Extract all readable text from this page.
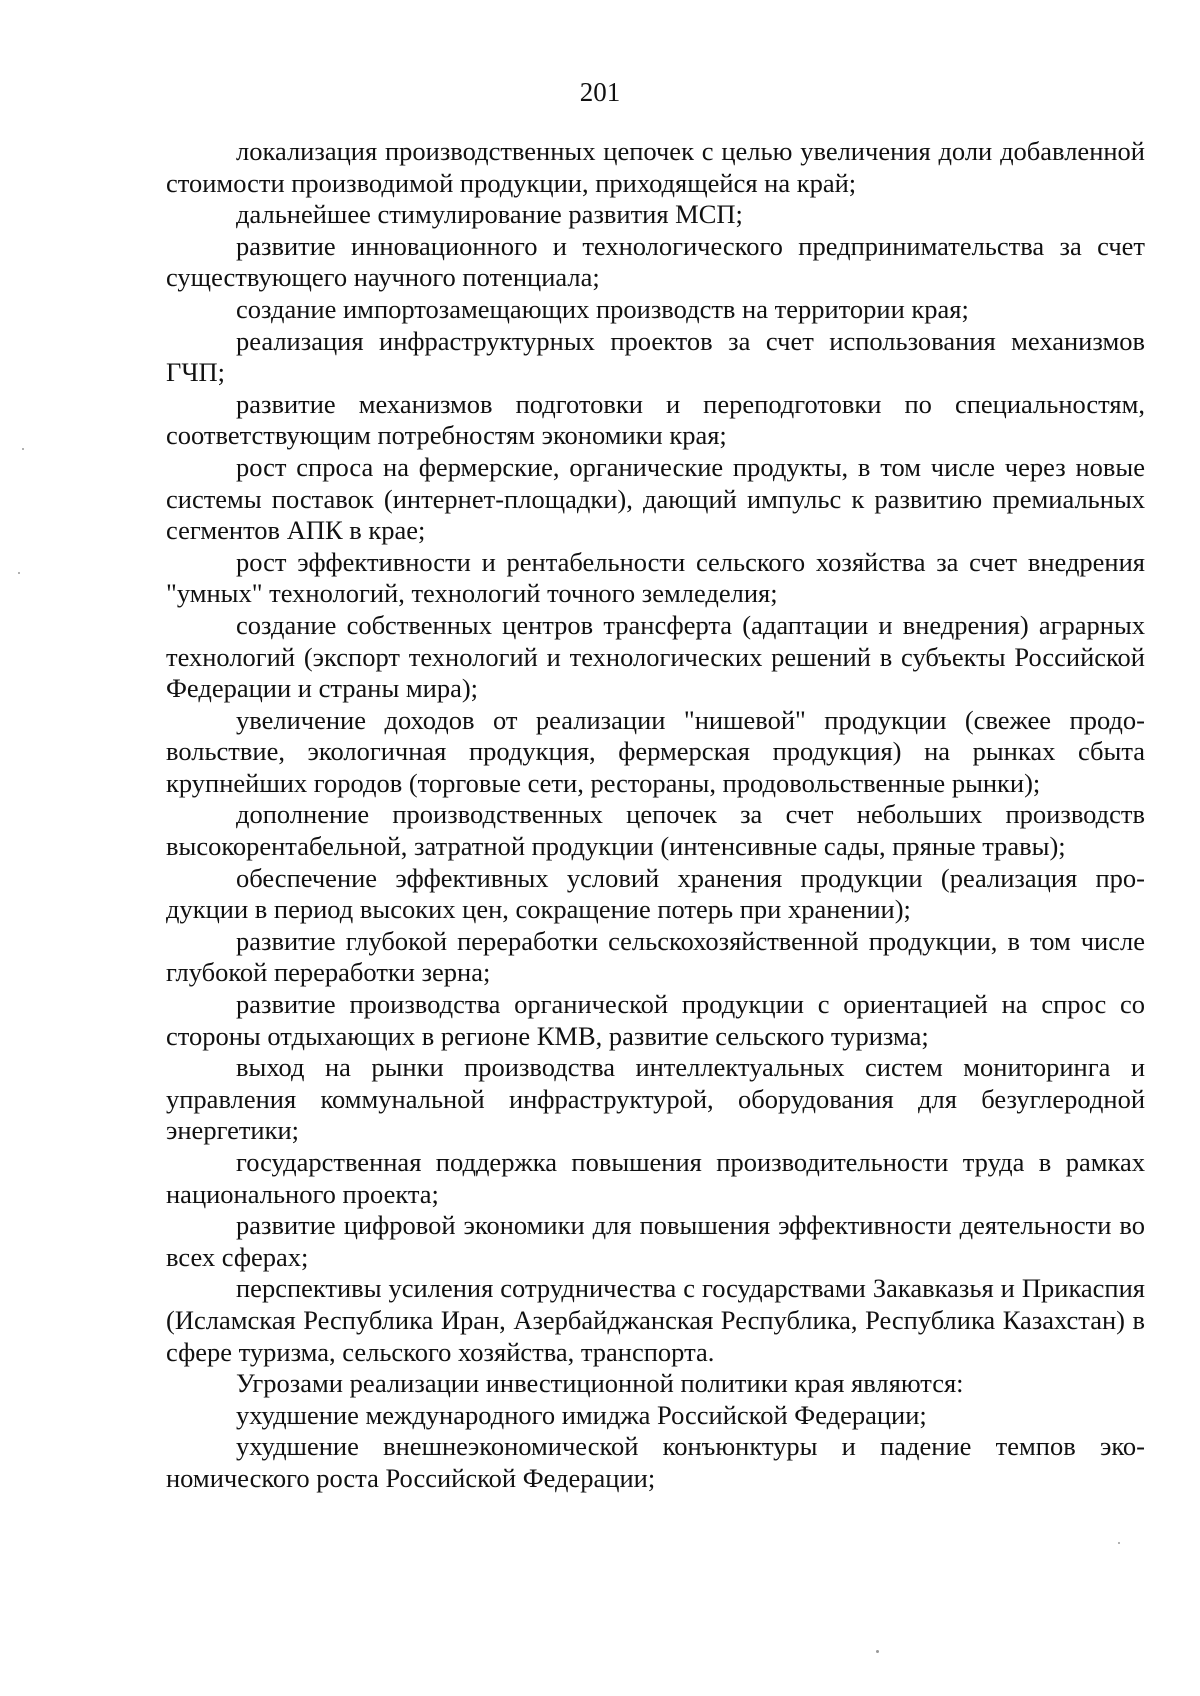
201

локализация производственных цепочек с целью увеличения доли добавленной стоимости производимой продукции, приходящейся на край;

дальнейшее стимулирование развития МСП;

развитие инновационного и технологического предпринимательства за счет существующего научного потенциала;

создание импортозамещающих производств на территории края;

реализация инфраструктурных проектов за счет использования механизмов ГЧП;

развитие механизмов подготовки и переподготовки по специальностям, соответствующим потребностям экономики края;

рост спроса на фермерские, органические продукты, в том числе через новые системы поставок (интернет-площадки), дающий импульс к развитию премиальных сегментов АПК в крае;

рост эффективности и рентабельности сельского хозяйства за счет внедрения "умных" технологий, технологий точного земледелия;

создание собственных центров трансферта (адаптации и внедрения) аграрных технологий (экспорт технологий и технологических решений в субъекты Российской Федерации и страны мира);

увеличение доходов от реализации "нишевой" продукции (свежее продовольствие, экологичная продукция, фермерская продукция) на рынках сбыта крупнейших городов (торговые сети, рестораны, продовольственные рынки);

дополнение производственных цепочек за счет небольших производств высокорентабельной, затратной продукции (интенсивные сады, пряные травы);

обеспечение эффективных условий хранения продукции (реализация продукции в период высоких цен, сокращение потерь при хранении);

развитие глубокой переработки сельскохозяйственной продукции, в том числе глубокой переработки зерна;

развитие производства органической продукции с ориентацией на спрос со стороны отдыхающих в регионе КМВ, развитие сельского туризма;

выход на рынки производства интеллектуальных систем мониторинга и управления коммунальной инфраструктурой, оборудования для безуглеродной энергетики;

государственная поддержка повышения производительности труда в рамках национального проекта;

развитие цифровой экономики для повышения эффективности деятельности во всех сферах;

перспективы усиления сотрудничества с государствами Закавказья и Прикаспия (Исламская Республика Иран, Азербайджанская Республика, Республика Казахстан) в сфере туризма, сельского хозяйства, транспорта.

Угрозами реализации инвестиционной политики края являются:

ухудшение международного имиджа Российской Федерации;

ухудшение внешнеэкономической конъюнктуры и падение темпов экономического роста Российской Федерации;
